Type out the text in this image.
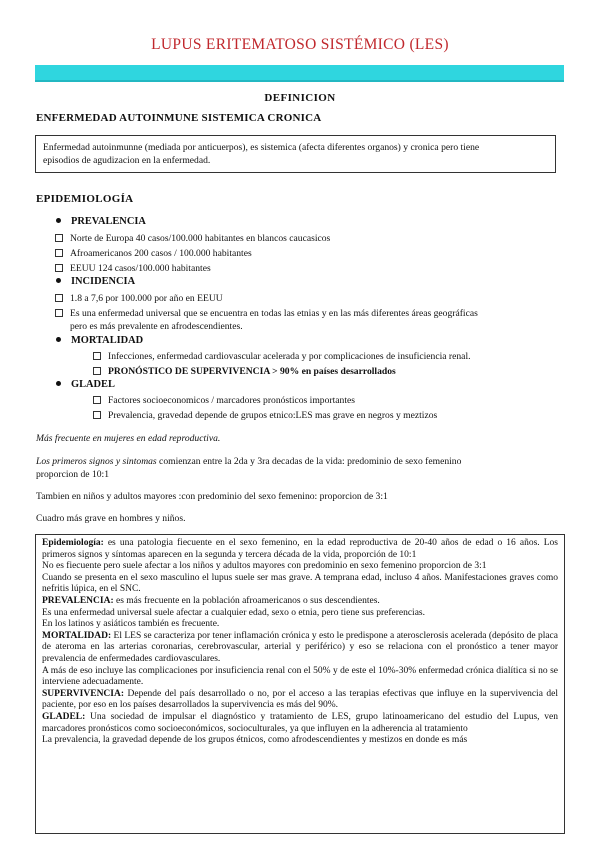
LUPUS ERITEMATOSO SISTÉMICO (LES)
DEFINICION
ENFERMEDAD AUTOINMUNE SISTEMICA CRONICA
Enfermedad autoinmunne (mediada por anticuerpos), es sistemica (afecta diferentes organos) y cronica pero tiene
episodios de agudizacion en la enfermedad.
EPIDEMIOLOGÍA
PREVALENCIA
Norte de Europa 40 casos/100.000 habitantes en blancos caucasicos
Afroamericanos 200 casos / 100.000 habitantes
EEUU 124 casos/100.000 habitantes
INCIDENCIA
1.8 a 7,6 por 100.000 por año en EEUU
Es una enfermedad universal que se encuentra en todas las etnias y en las más diferentes áreas geográficas
pero es más prevalente en afrodescendientes.
MORTALIDAD
Infecciones, enfermedad cardiovascular acelerada y por complicaciones de insuficiencia renal.
PRONÓSTICO DE SUPERVIVENCIA > 90% en países desarrollados
GLADEL
Factores socioeconomicos / marcadores pronósticos importantes
Prevalencia, gravedad depende de grupos etnico:LES mas grave en negros y meztizos
Más frecuente en mujeres en edad reproductiva.
Los primeros signos y sintomas comienzan entre la 2da y 3ra decadas de la vida: predominio de sexo femenino
proporcion de 10:1
Tambien en niños y adultos mayores :con predominio del sexo femenino: proporcion de 3:1
Cuadro más grave en hombres y niños.

Epidemiología: es una patologia fiecuente en el sexo femenino, en la edad reproductiva de 20-40 años de edad o 16 años. Los primeros signos y síntomas aparecen en la segunda y tercera década de la vida, proporción de 10:1

No es fiecuente pero suele afectar a los niños y adultos mayores con predominio en sexo femenino proporcion de 3:1

Cuando se presenta en el sexo masculino el lupus suele ser mas grave. A temprana edad, incluso 4 años. Manifestaciones graves como nefritis lúpica, en el SNC.

PREVALENCIA: es más frecuente en la población afroamericanos o sus descendientes.

Es una enfermedad universal suele afectar a cualquier edad, sexo o etnia, pero tiene sus preferencias.

En los latinos y asiáticos también es frecuente.

MORTALIDAD: El LES se caracteriza por tener inflamación crónica y esto le predispone a aterosclerosis acelerada (depósito de placa de ateroma en las arterias coronarias, cerebrovascular, arterial y periférico) y eso se relaciona con el pronóstico a tener mayor prevalencia de enfermedades cardiovasculares.

A más de eso incluye las complicaciones por insuficiencia renal con el 50% y de este el 10%-30% enfermedad crónica dialítica si no se interviene adecuadamente.

SUPERVIVENCIA: Depende del país desarrollado o no, por el acceso a las terapias efectivas que influye en la supervivencia del paciente, por eso en los países desarrollados la supervivencia es más del 90%.

GLADEL: Una sociedad de impulsar el diagnóstico y tratamiento de LES, grupo latinoamericano del estudio del Lupus, ven marcadores pronósticos como socioeconómicos, socioculturales, ya que influyen en la adherencia al tratamiento

La prevalencia, la gravedad depende de los grupos étnicos, como afrodescendientes y mestizos en donde es más
